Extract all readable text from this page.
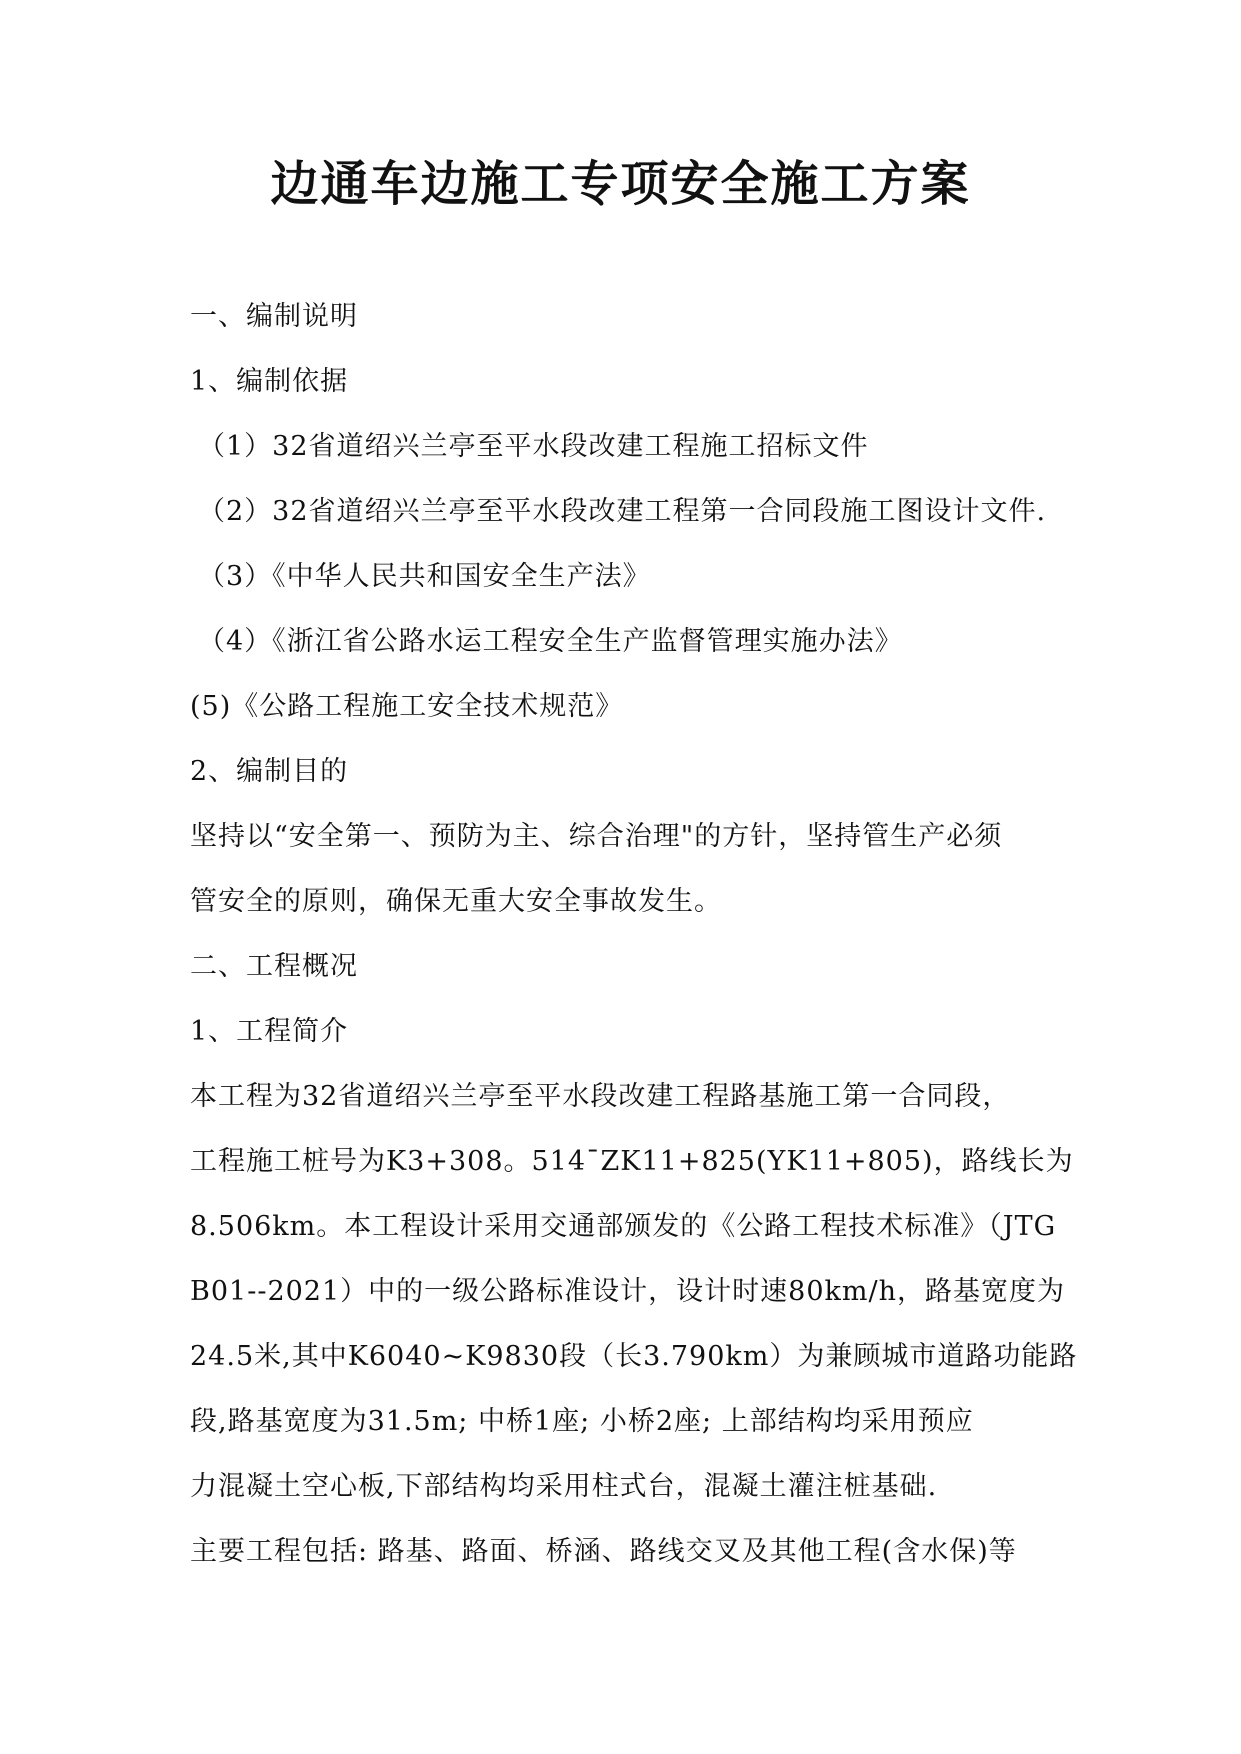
边通车边施工专项安全施工方案
一、编制说明
1、编制依据
（1）32省道绍兴兰亭至平水段改建工程施工招标文件
（2）32省道绍兴兰亭至平水段改建工程第一合同段施工图设计文件.
（3）《中华人民共和国安全生产法》
（4）《浙江省公路水运工程安全生产监督管理实施办法》
(5)《公路工程施工安全技术规范》
2、编制目的
坚持以“安全第一、预防为主、综合治理"的方针，坚持管生产必须
管安全的原则，确保无重大安全事故发生。
二、工程概况
1、工程简介
本工程为32省道绍兴兰亭至平水段改建工程路基施工第一合同段，
工程施工桩号为K3+308。514¯ZK11+825(YK11+805)，路线长为
8.506km。本工程设计采用交通部颁发的《公路工程技术标准》（JTG
B01--2021）中的一级公路标准设计，设计时速80km/h，路基宽度为
24.5米,其中K6040~K9830段（长3.790km）为兼顾城市道路功能路
段,路基宽度为31.5m; 中桥1座; 小桥2座; 上部结构均采用预应
力混凝土空心板,下部结构均采用柱式台，混凝土灌注桩基础.
主要工程包括: 路基、路面、桥涵、路线交叉及其他工程(含水保)等
